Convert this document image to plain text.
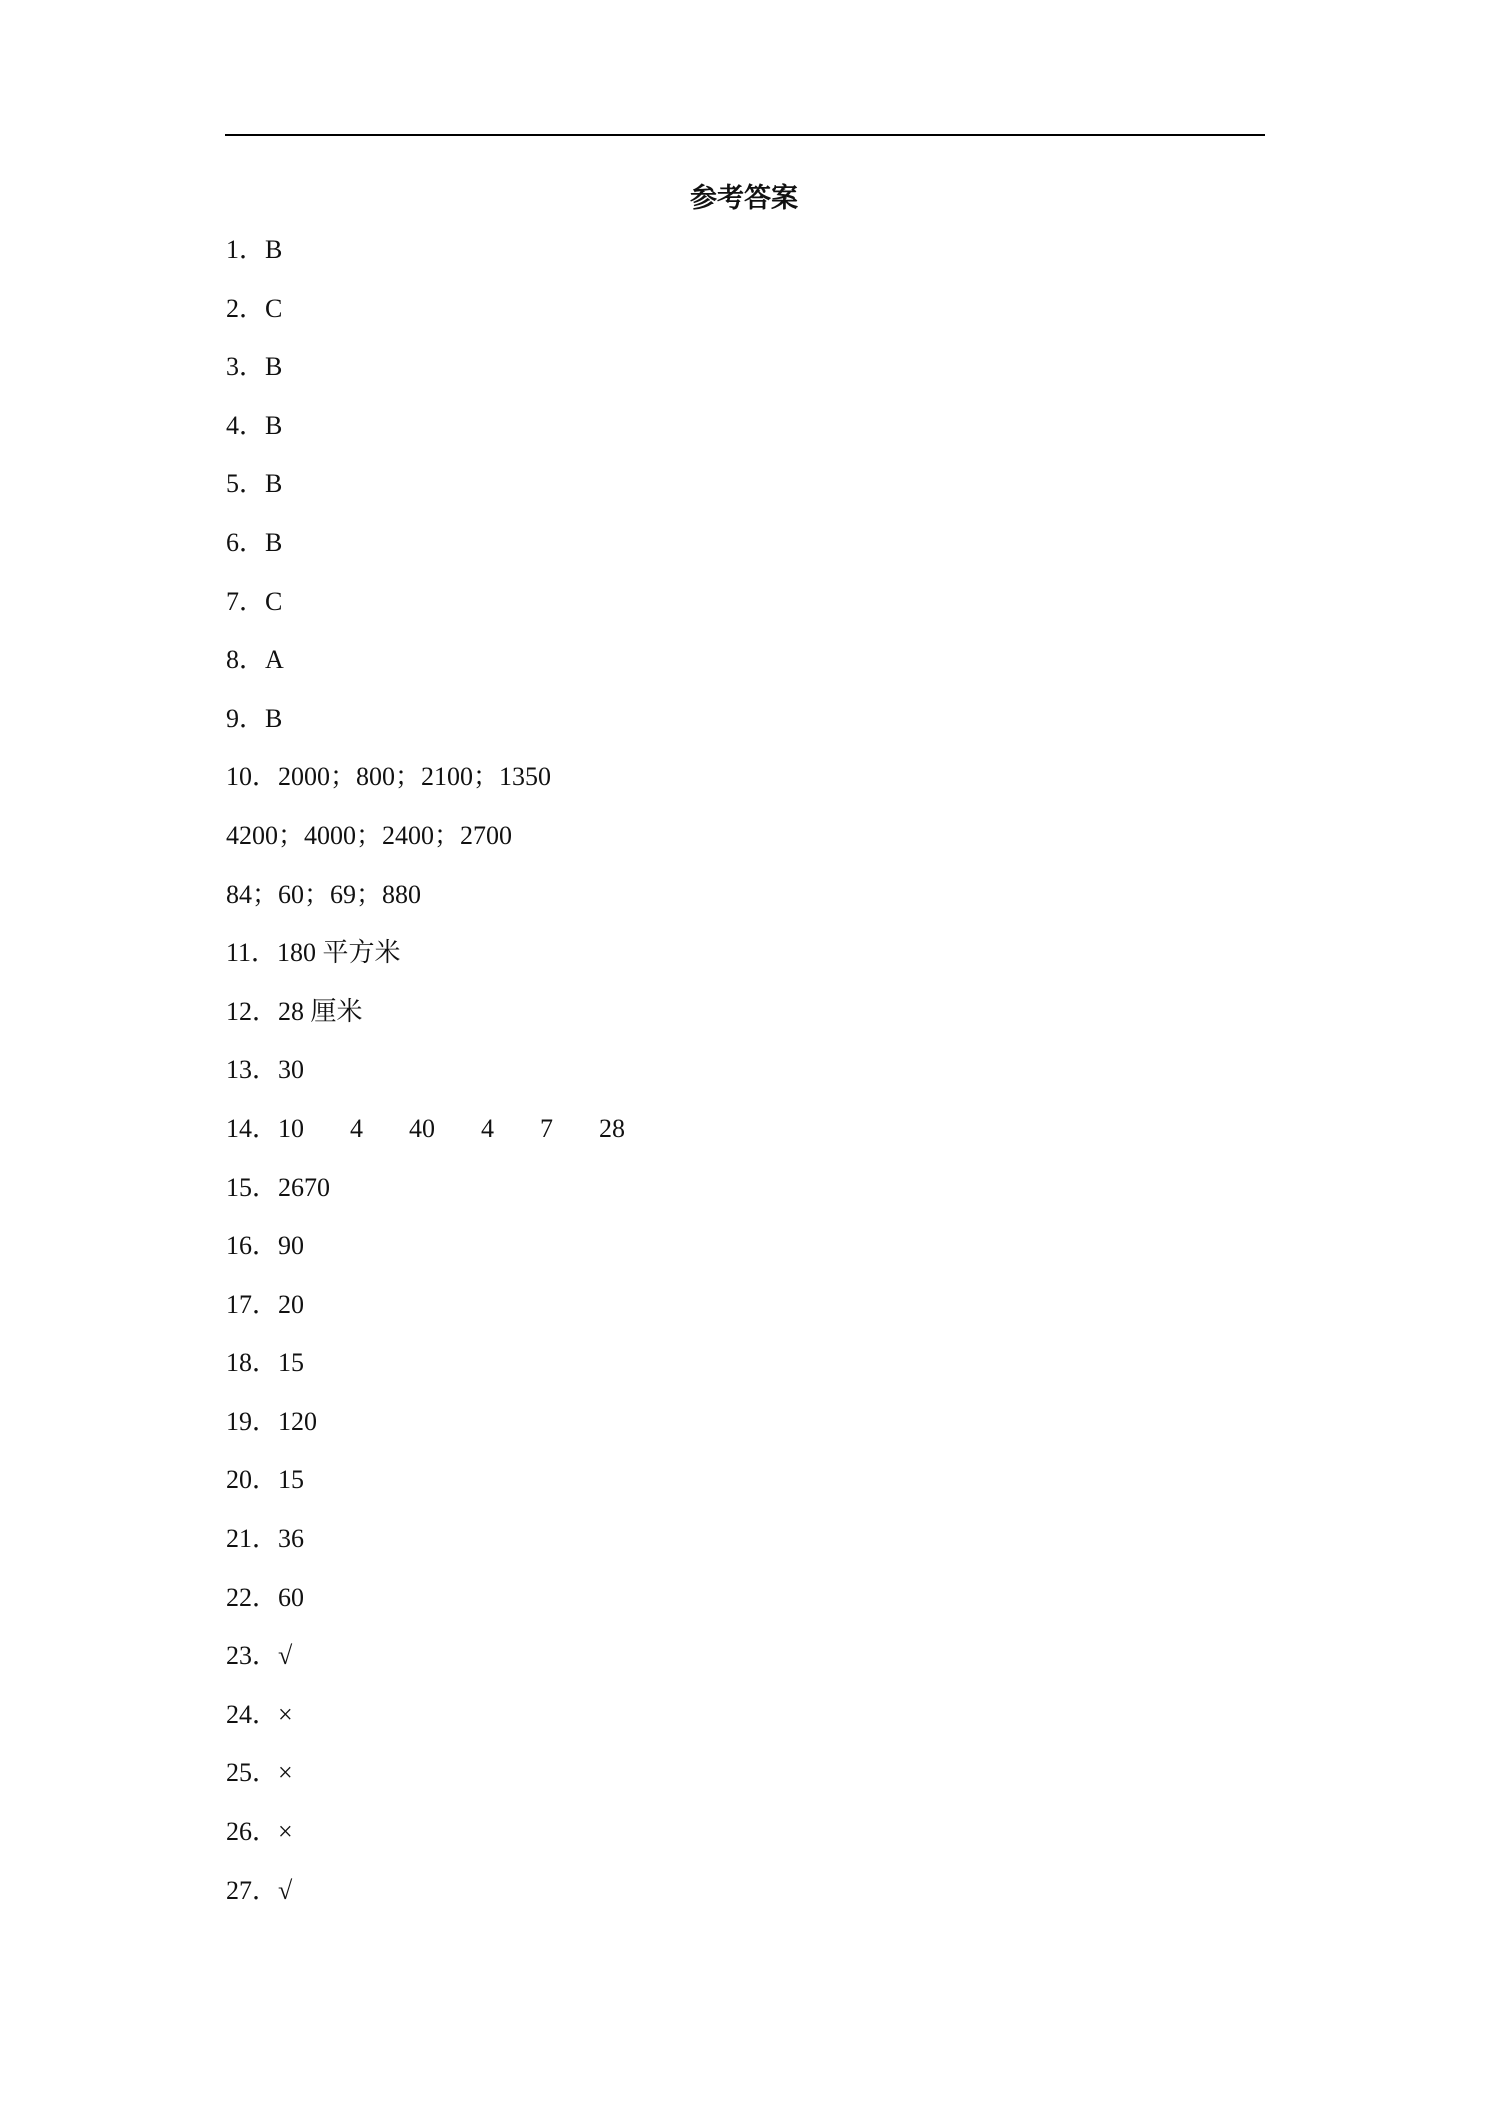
参考答案
1．B
2．C
3．B
4．B
5．B
6．B
7．C
8．A
9．B
10．2000；800；2100；1350
4200；4000；2400；2700
84；60；69；880
11．180 平方米
12．28 厘米
13．30
14．10 4 40 4 7 28
15．2670
16．90
17．20
18．15
19．120
20．15
21．36
22．60
23．√
24．×
25．×
26．×
27．√
